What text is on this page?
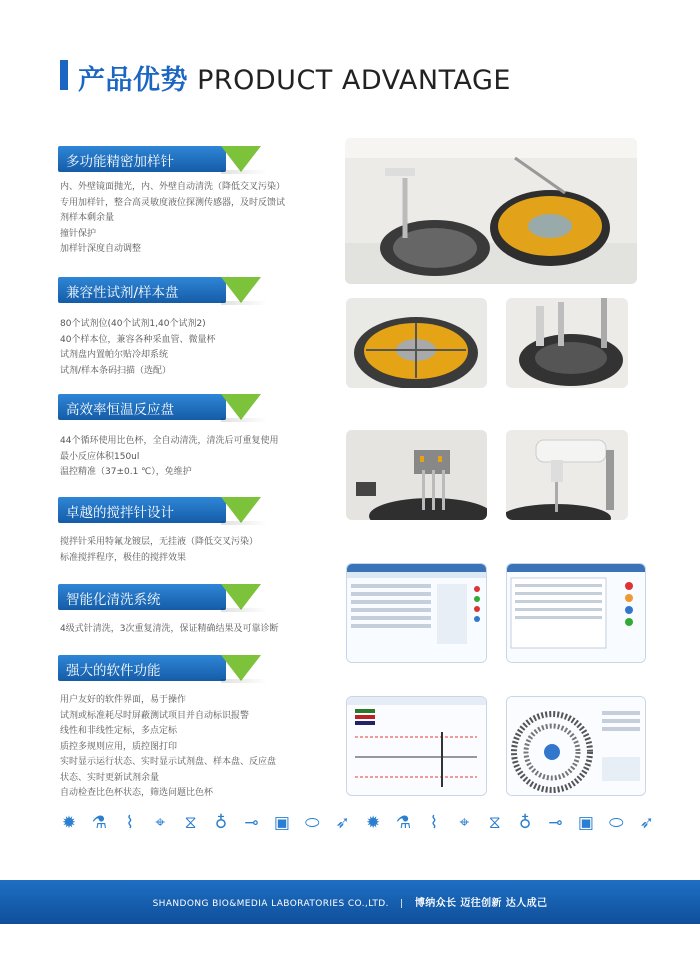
产品优势 PRODUCT ADVANTAGE
多功能精密加样针
内、外壁镜面抛光，内、外壁自动清洗（降低交叉污染）
专用加样针，整合高灵敏度液位探测传感器，及时反馈试
剂样本剩余量
撞针保护
加样针深度自动调整
兼容性试剂/样本盘
80个试剂位(40个试剂1,40个试剂2)
40个样本位，兼容各种采血管、微量杯
试剂盘内置帕尔贴冷却系统
试剂/样本条码扫描（选配）
高效率恒温反应盘
44个循环使用比色杯，全自动清洗，清洗后可重复使用
最小反应体积150ul
温控精准（37±0.1 ℃），免维护
卓越的搅拌针设计
搅拌针采用特氟龙镀层，无挂液（降低交叉污染）
标准搅拌程序，极佳的搅拌效果
智能化清洗系统
4级式针清洗，3次重复清洗，保证精确结果及可靠诊断
强大的软件功能
用户友好的软件界面，易于操作
试剂或标准耗尽时屏蔽测试项目并自动标识报警
线性和非线性定标，多点定标
质控多规则应用，质控图打印
实时显示运行状态、实时显示试剂盘、样本盘、反应盘
状态、实时更新试剂余量
自动检查比色杯状态，筛选问题比色杯
✹ ⚗	⌇	⌖	⧖ ♁ ⊸ ▣ ⬭ ➶ ✹ ⚗	⌇	⌖	⧖ ♁ ⊸ ▣ ⬭ ➶
SHANDONG BIO&MEDIA LABORATORIES CO.,LTD. | 博纳众长 迈往创新 达人成己
